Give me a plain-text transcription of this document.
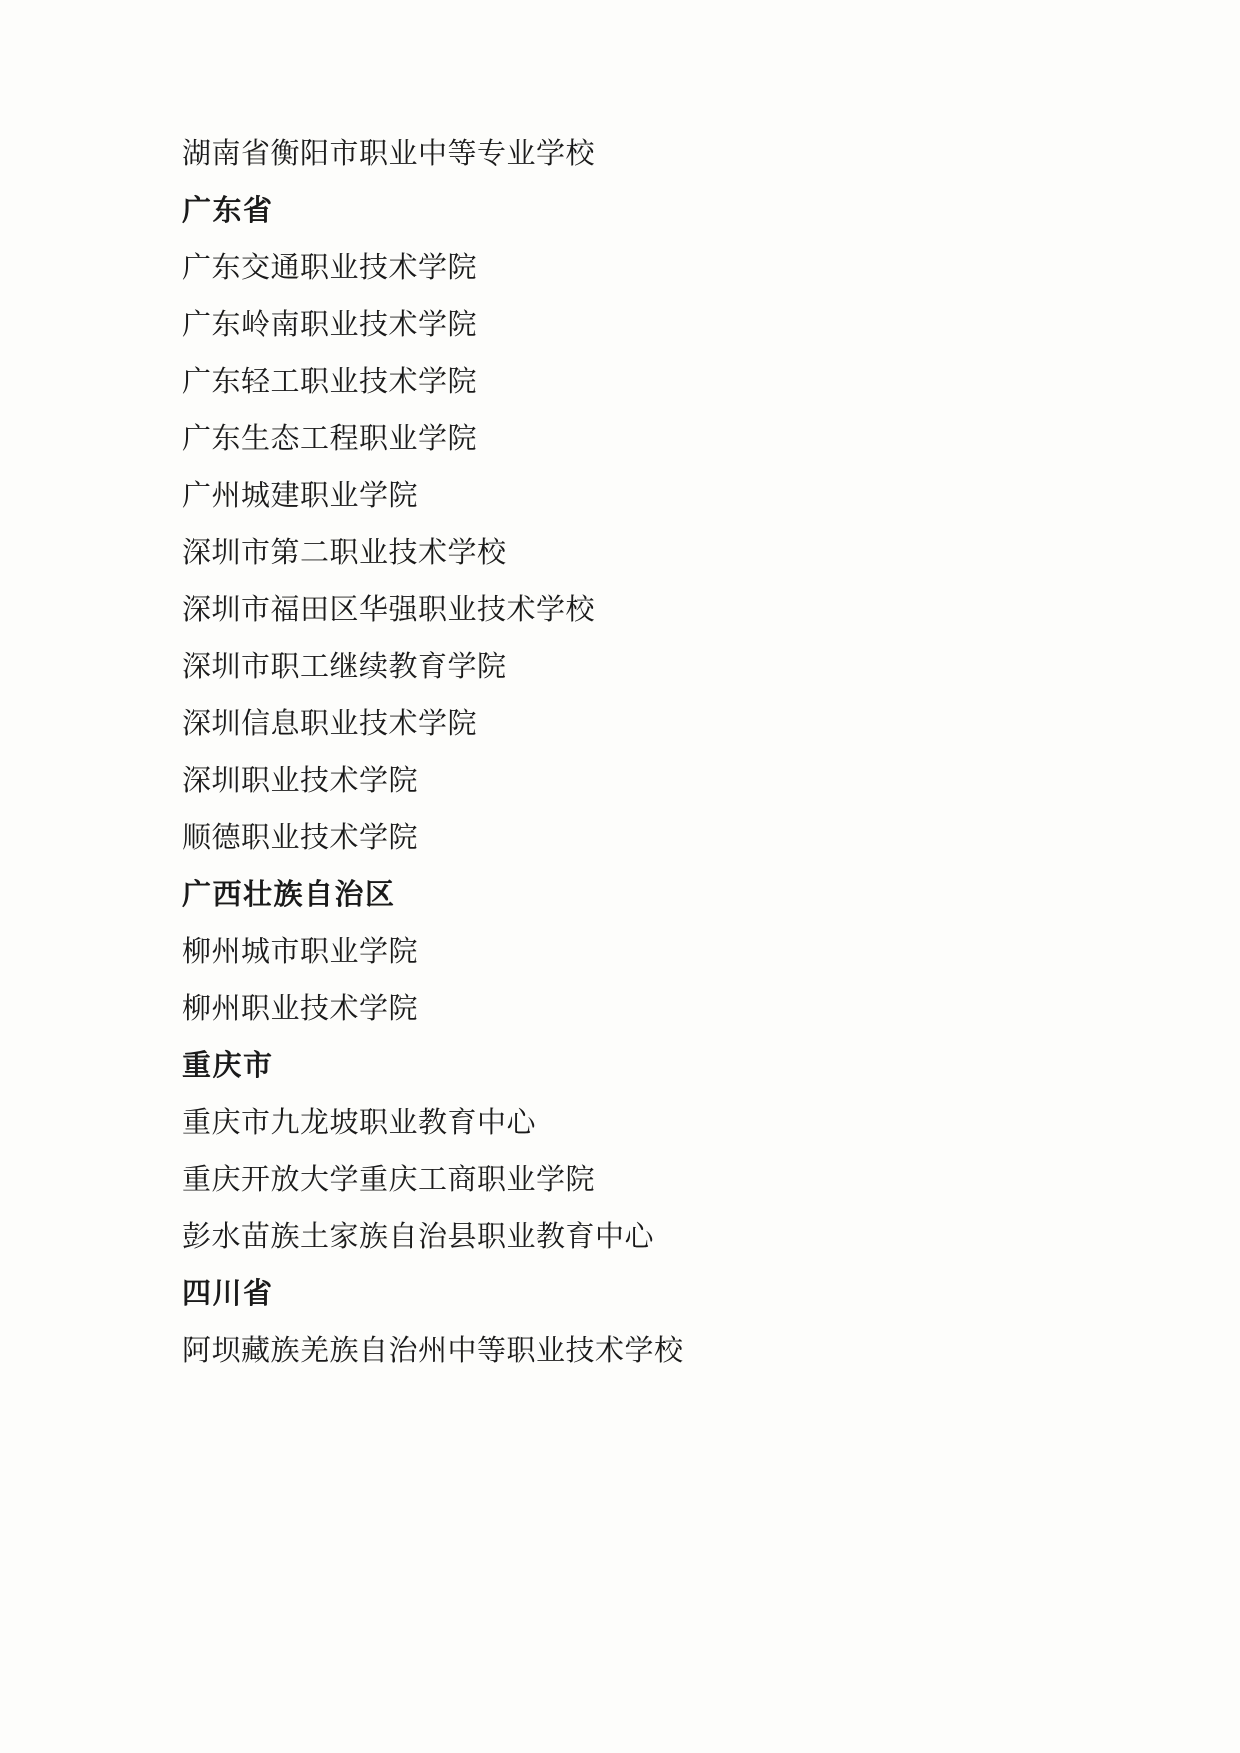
湖南省衡阳市职业中等专业学校
广东省
广东交通职业技术学院
广东岭南职业技术学院
广东轻工职业技术学院
广东生态工程职业学院
广州城建职业学院
深圳市第二职业技术学校
深圳市福田区华强职业技术学校
深圳市职工继续教育学院
深圳信息职业技术学院
深圳职业技术学院
顺德职业技术学院
广西壮族自治区
柳州城市职业学院
柳州职业技术学院
重庆市
重庆市九龙坡职业教育中心
重庆开放大学重庆工商职业学院
彭水苗族土家族自治县职业教育中心
四川省
阿坝藏族羌族自治州中等职业技术学校
